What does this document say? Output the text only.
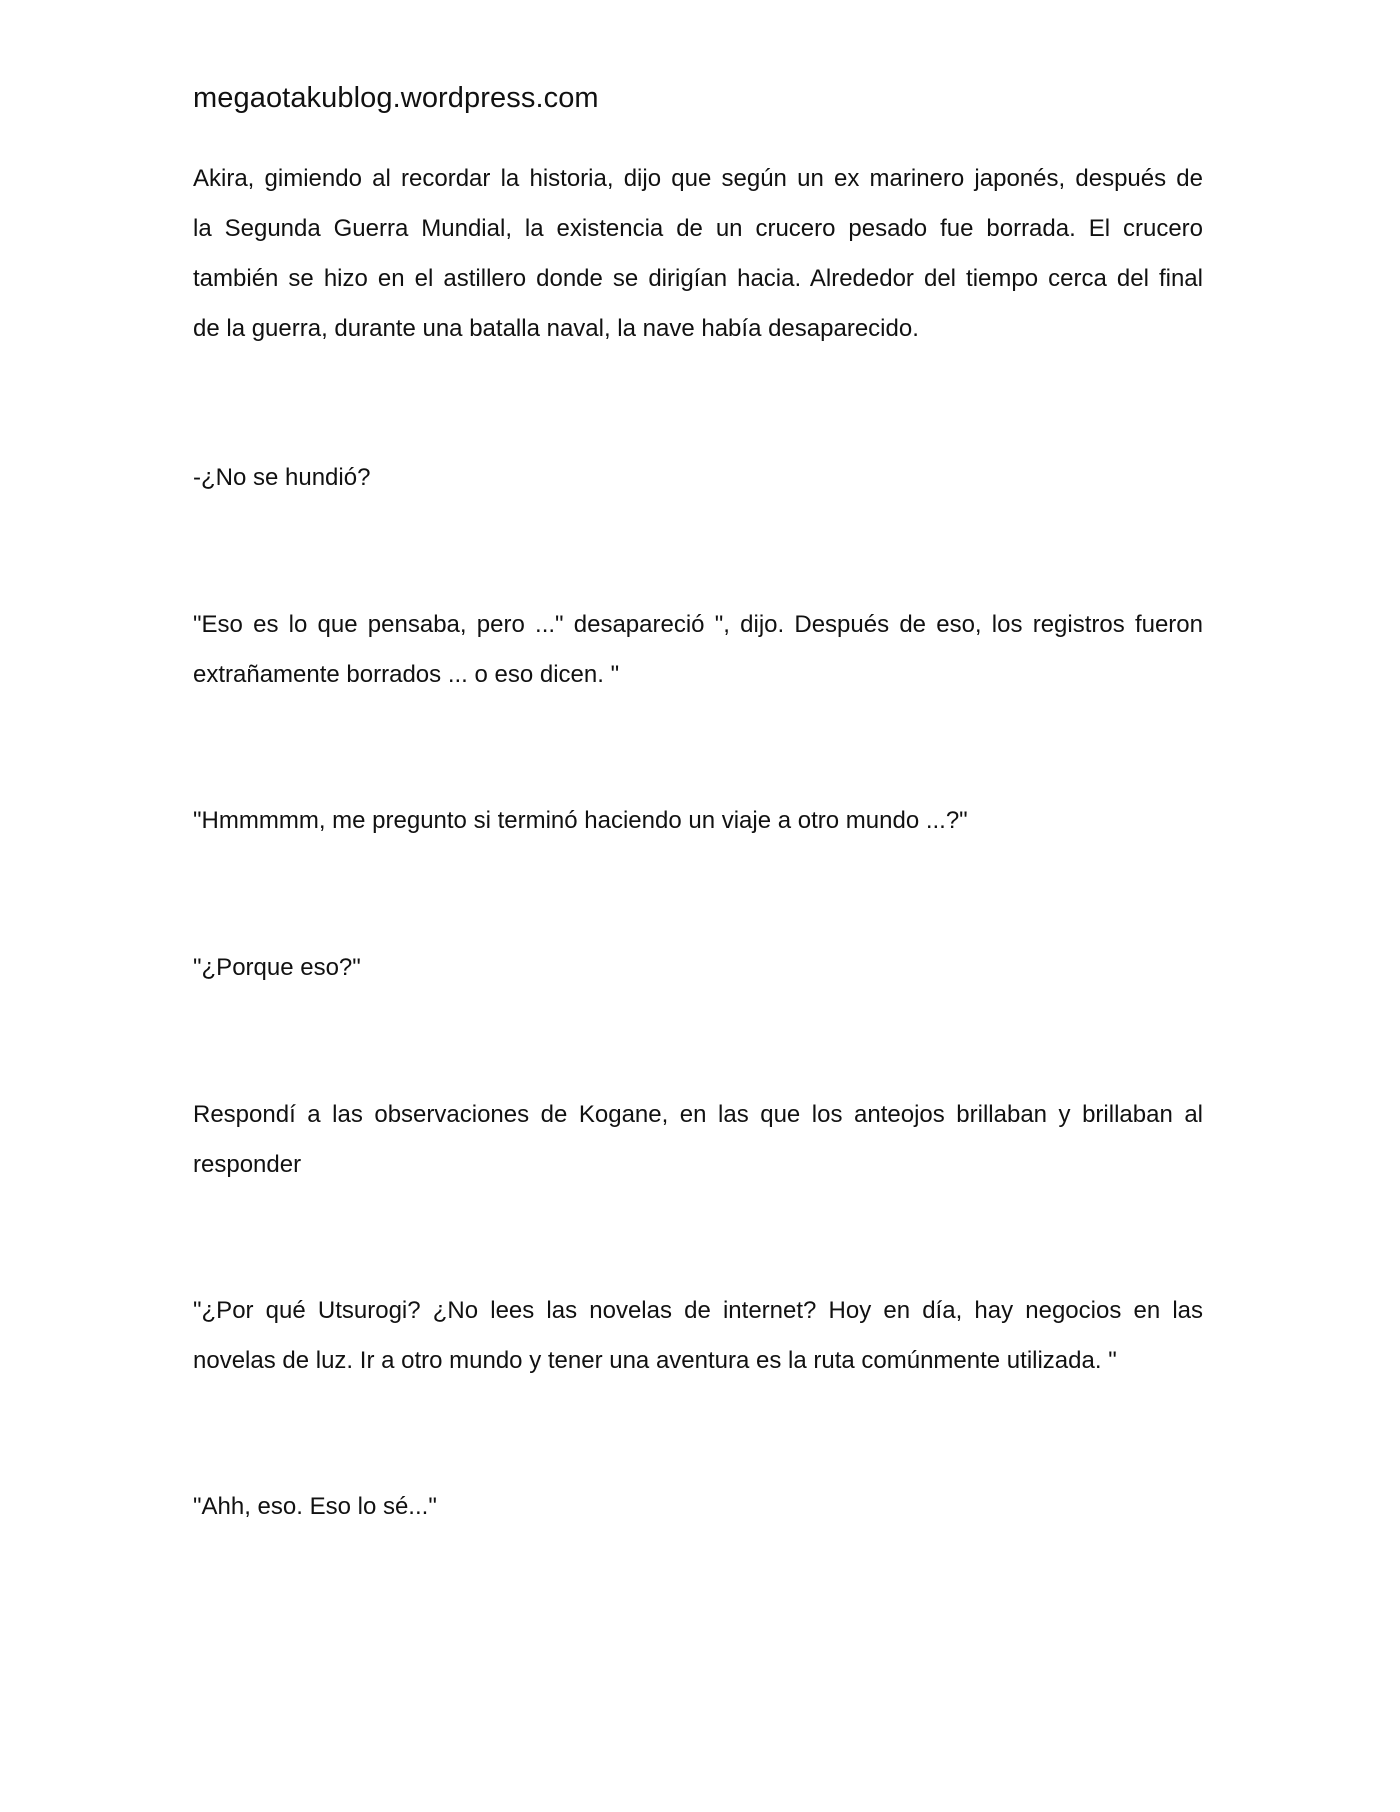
megaotakublog.wordpress.com
Akira, gimiendo al recordar la historia, dijo que según un ex marinero japonés, después de
la Segunda Guerra Mundial, la existencia de un crucero pesado fue borrada. El crucero
también se hizo en el astillero donde se dirigían hacia. Alrededor del tiempo cerca del final
de la guerra, durante una batalla naval, la nave había desaparecido.
-¿No se hundió?
"Eso es lo que pensaba, pero ..." desapareció ", dijo. Después de eso, los registros fueron
extrañamente borrados ... o eso dicen. "
"Hmmmmm, me pregunto si terminó haciendo un viaje a otro mundo ...?"
"¿Porque eso?"
Respondí a las observaciones de Kogane, en las que los anteojos brillaban y brillaban al
responder
"¿Por qué Utsurogi? ¿No lees las novelas de internet? Hoy en día, hay negocios en las
novelas de luz. Ir a otro mundo y tener una aventura es la ruta comúnmente utilizada. "
"Ahh, eso. Eso lo sé..."
